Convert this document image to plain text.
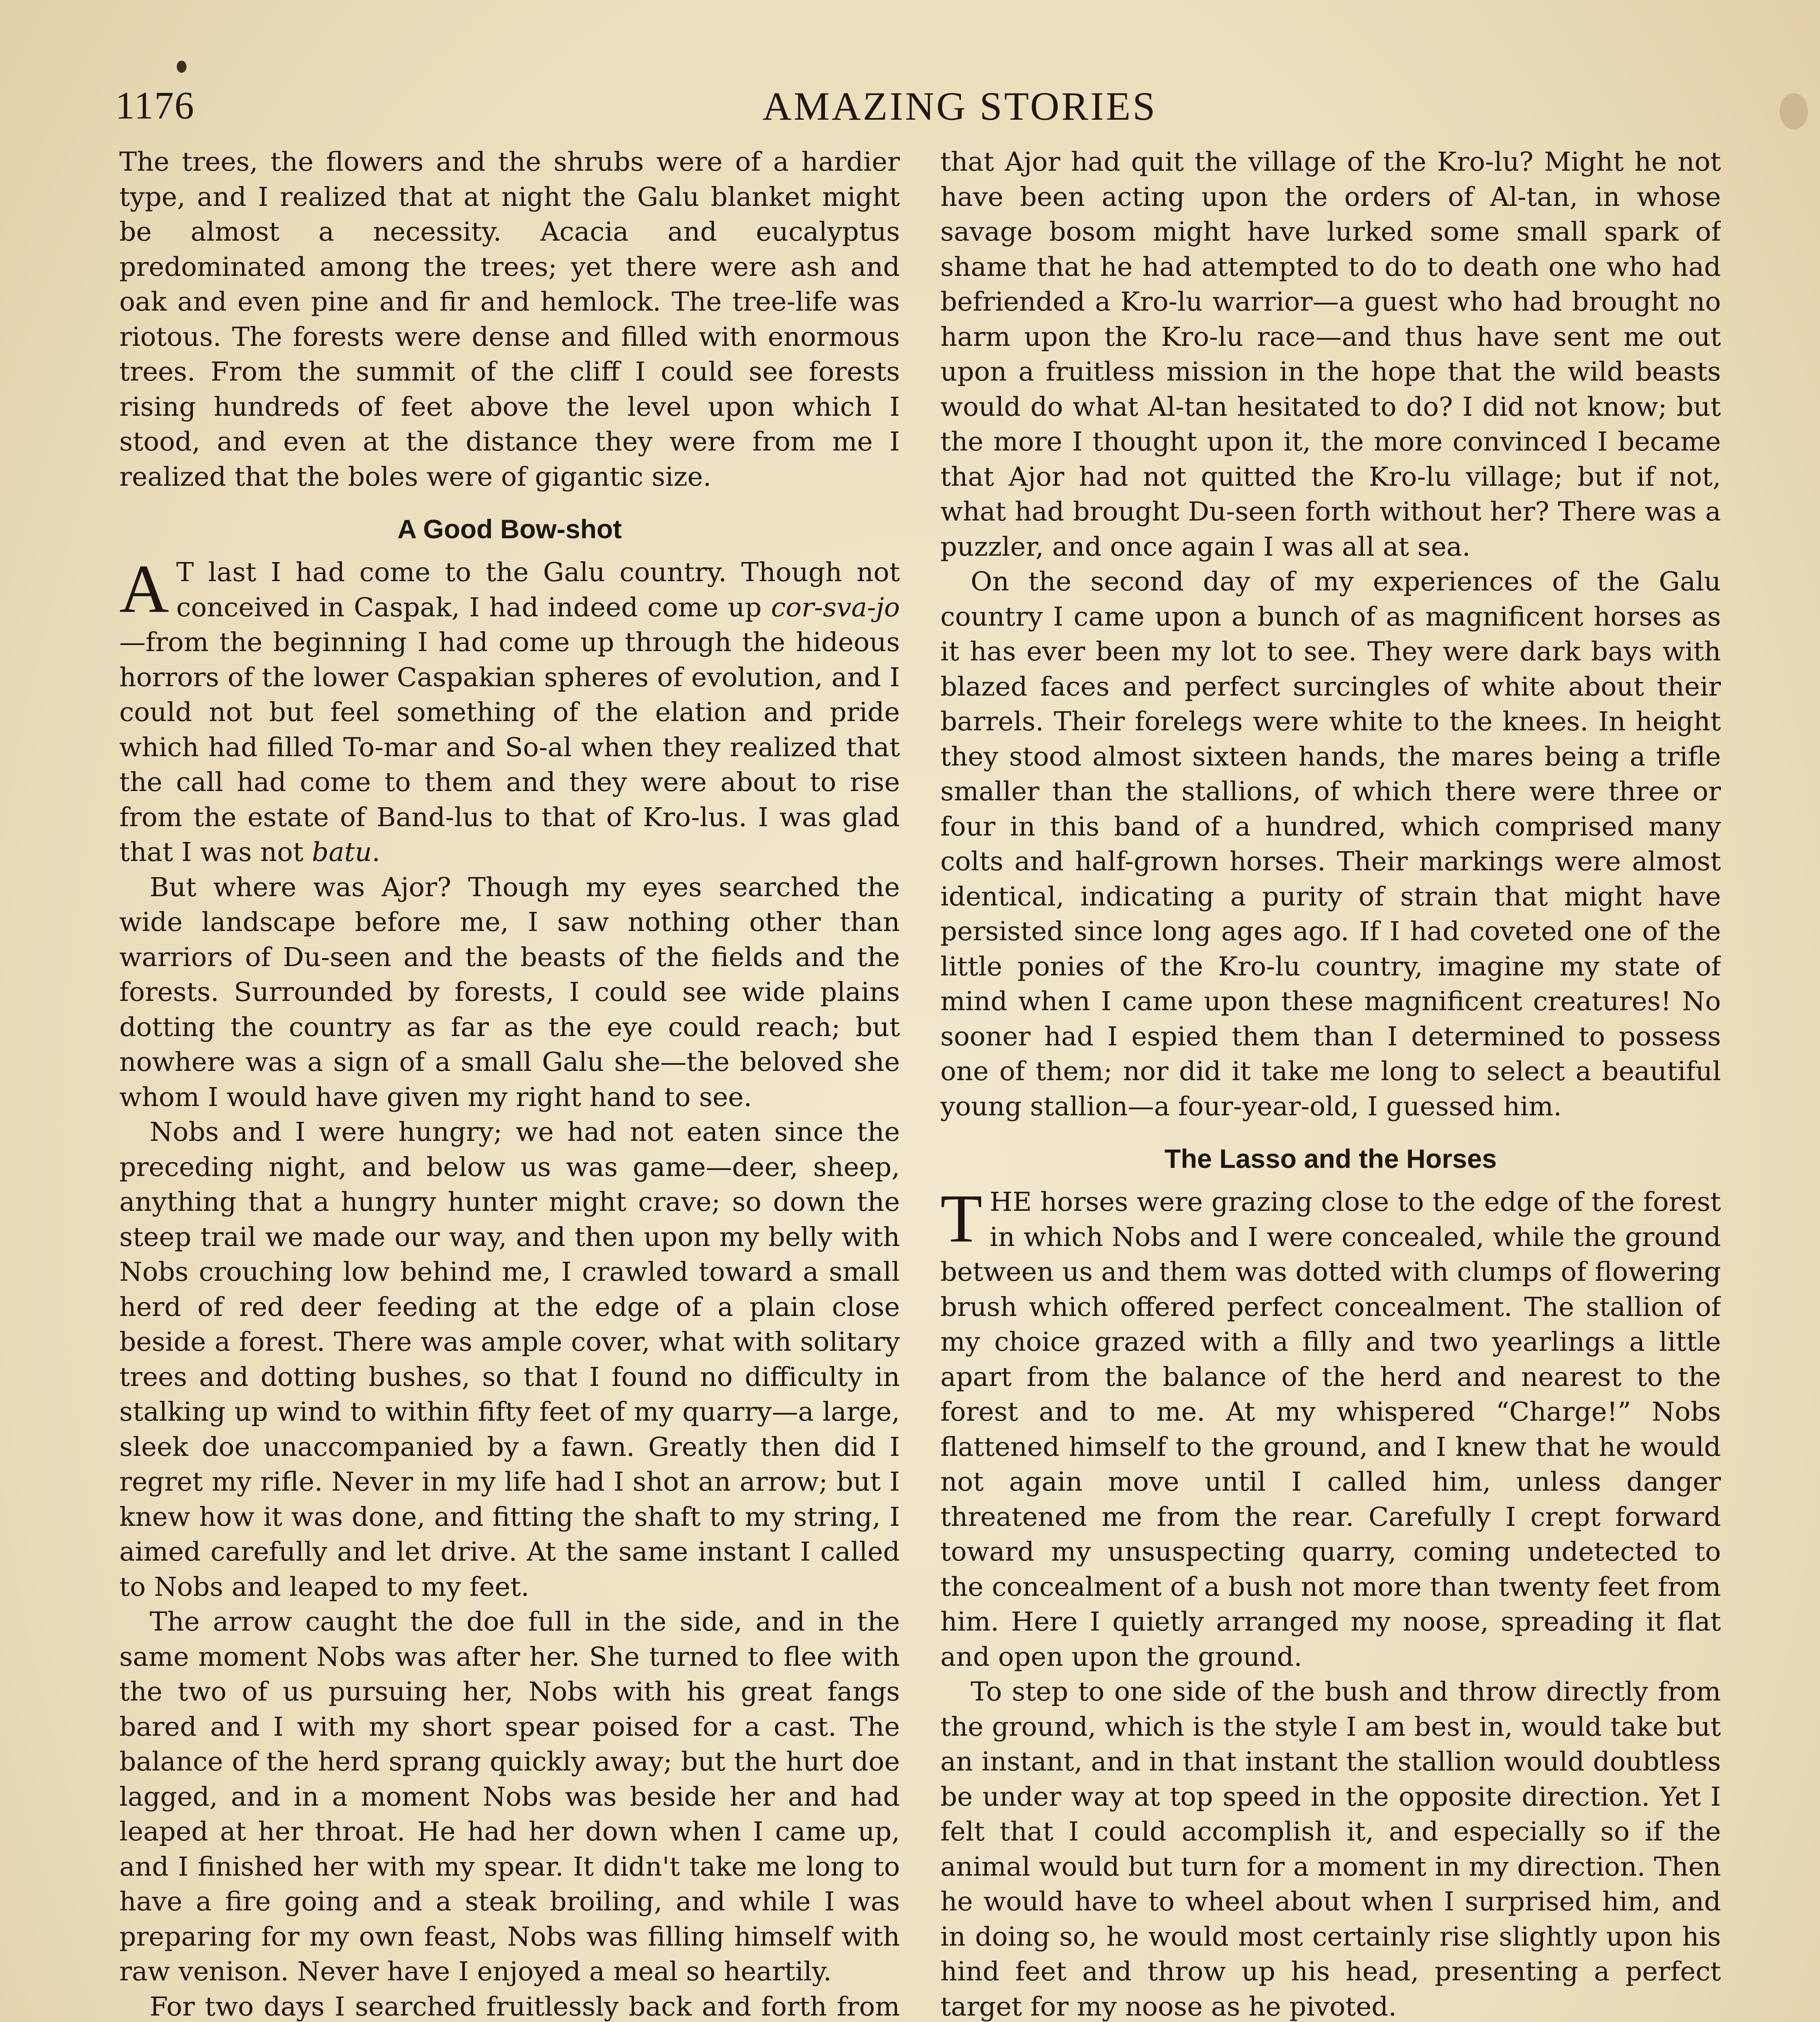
1176	AMAZING STORIES

The trees, the flowers and the shrubs were of a hardier type, and I realized that at night the Galu blanket might be almost a necessity. Acacia and eucalyptus predominated among the trees; yet there were ash and oak and even pine and fir and hemlock. The tree-life was riotous. The forests were dense and filled with enormous trees. From the summit of the cliff I could see forests rising hundreds of feet above the level upon which I stood, and even at the distance they were from me I realized that the boles were of gigantic size.

A Good Bow-shot

A T last I had come to the Galu country. Though not conceived in Caspak, I had indeed come up cor-sva-jo—from the beginning I had come up through the hideous horrors of the lower Caspakian spheres of evolution, and I could not but feel something of the elation and pride which had filled To-mar and So-al when they realized that the call had come to them and they were about to rise from the estate of Band-lus to that of Kro-lus. I was glad that I was not batu.

But where was Ajor? Though my eyes searched the wide landscape before me, I saw nothing other than warriors of Du-seen and the beasts of the fields and the forests. Surrounded by forests, I could see wide plains dotting the country as far as the eye could reach; but nowhere was a sign of a small Galu she—the beloved she whom I would have given my right hand to see.

Nobs and I were hungry; we had not eaten since the preceding night, and below us was game—deer, sheep, anything that a hungry hunter might crave; so down the steep trail we made our way, and then upon my belly with Nobs crouching low behind me, I crawled toward a small herd of red deer feeding at the edge of a plain close beside a forest. There was ample cover, what with solitary trees and dotting bushes, so that I found no difficulty in stalking up wind to within fifty feet of my quarry—a large, sleek doe unaccompanied by a fawn. Greatly then did I regret my rifle. Never in my life had I shot an arrow; but I knew how it was done, and fitting the shaft to my string, I aimed carefully and let drive. At the same instant I called to Nobs and leaped to my feet.

The arrow caught the doe full in the side, and in the same moment Nobs was after her. She turned to flee with the two of us pursuing her, Nobs with his great fangs bared and I with my short spear poised for a cast. The balance of the herd sprang quickly away; but the hurt doe lagged, and in a moment Nobs was beside her and had leaped at her throat. He had her down when I came up, and I finished her with my spear. It didn't take me long to have a fire going and a steak broiling, and while I was preparing for my own feast, Nobs was filling himself with raw venison. Never have I enjoyed a meal so heartily.

For two days I searched fruitlessly back and forth from

that Ajor had quit the village of the Kro-lu? Might he not have been acting upon the orders of Al-tan, in whose savage bosom might have lurked some small spark of shame that he had attempted to do to death one who had befriended a Kro-lu warrior—a guest who had brought no harm upon the Kro-lu race—and thus have sent me out upon a fruitless mission in the hope that the wild beasts would do what Al-tan hesitated to do? I did not know; but the more I thought upon it, the more convinced I became that Ajor had not quitted the Kro-lu village; but if not, what had brought Du-seen forth without her? There was a puzzler, and once again I was all at sea.

On the second day of my experiences of the Galu country I came upon a bunch of as magnificent horses as it has ever been my lot to see. They were dark bays with blazed faces and perfect surcingles of white about their barrels. Their forelegs were white to the knees. In height they stood almost sixteen hands, the mares being a trifle smaller than the stallions, of which there were three or four in this band of a hundred, which comprised many colts and half-grown horses. Their markings were almost identical, indicating a purity of strain that might have persisted since long ages ago. If I had coveted one of the little ponies of the Kro-lu country, imagine my state of mind when I came upon these magnificent creatures! No sooner had I espied them than I determined to possess one of them; nor did it take me long to select a beautiful young stallion—a four-year-old, I guessed him.

The Lasso and the Horses

THE horses were grazing close to the edge of the forest in which Nobs and I were concealed, while the ground between us and them was dotted with clumps of flowering brush which offered perfect concealment. The stallion of my choice grazed with a filly and two yearlings a little apart from the balance of the herd and nearest to the forest and to me. At my whispered “Charge!” Nobs flattened himself to the ground, and I knew that he would not again move until I called him, unless danger threatened me from the rear. Carefully I crept forward toward my unsuspecting quarry, coming undetected to the concealment of a bush not more than twenty feet from him. Here I quietly arranged my noose, spreading it flat and open upon the ground.

To step to one side of the bush and throw directly from the ground, which is the style I am best in, would take but an instant, and in that instant the stallion would doubtless be under way at top speed in the opposite direction. Yet I felt that I could accomplish it, and especially so if the animal would but turn for a moment in my direction. Then he would have to wheel about when I surprised him, and in doing so, he would most certainly rise slightly upon his hind feet and throw up his head, presenting a perfect target for my noose as he pivoted.
